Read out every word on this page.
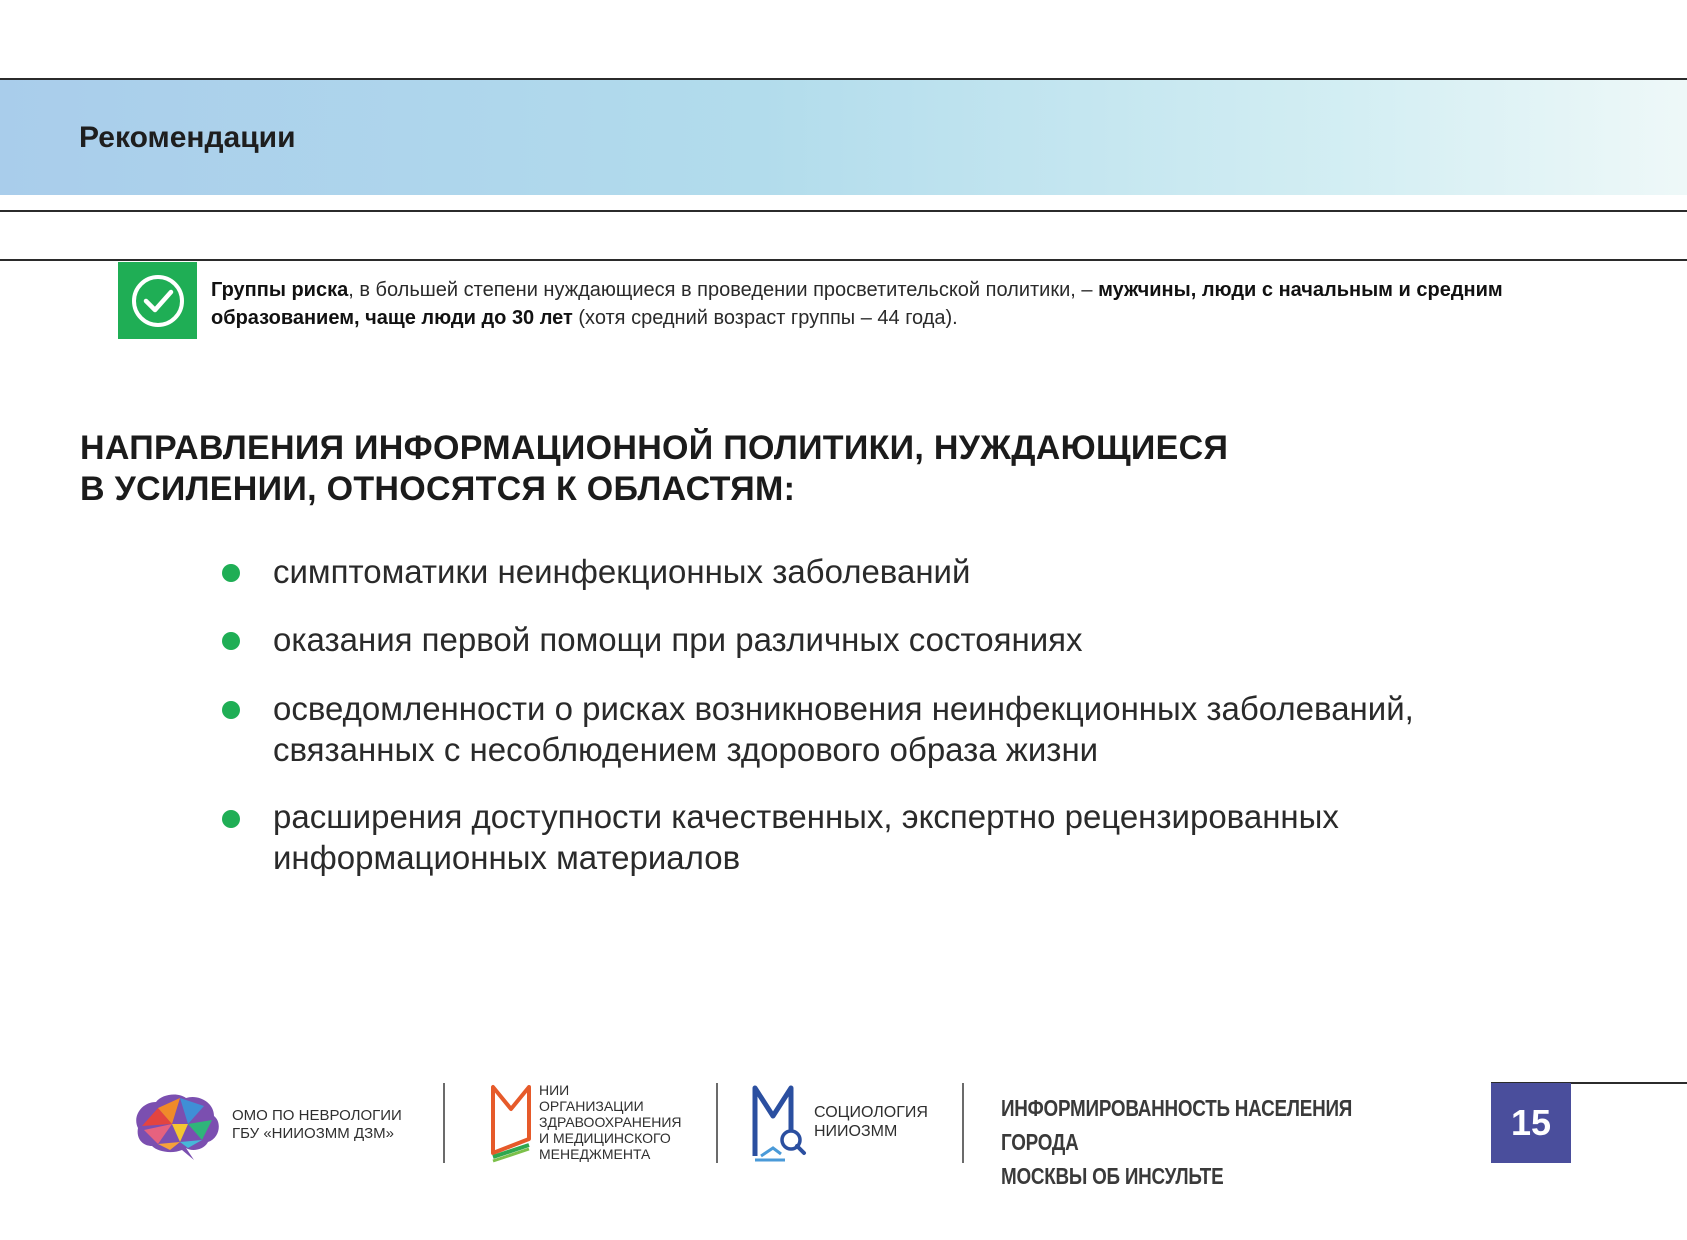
Рекомендации
Группы риска, в большей степени нуждающиеся в проведении просветительской политики, – мужчины, люди с начальным и средним образованием, чаще люди до 30 лет (хотя средний возраст группы – 44 года).
НАПРАВЛЕНИЯ ИНФОРМАЦИОННОЙ ПОЛИТИКИ, НУЖДАЮЩИЕСЯ
В УСИЛЕНИИ, ОТНОСЯТСЯ К ОБЛАСТЯМ:
симптоматики неинфекционных заболеваний
оказания первой помощи при различных состояниях
осведомленности о рисках возникновения неинфекционных заболеваний,
связанных с несоблюдением здорового образа жизни
расширения доступности качественных, экспертно рецензированных
информационных материалов
ОМО ПО НЕВРОЛОГИИ
ГБУ «НИИОЗММ ДЗМ»
НИИ
ОРГАНИЗАЦИИ
ЗДРАВООХРАНЕНИЯ
И МЕДИЦИНСКОГО
МЕНЕДЖМЕНТА
СОЦИОЛОГИЯ
НИИОЗММ
ИНФОРМИРОВАННОСТЬ НАСЕЛЕНИЯ ГОРОДА
МОСКВЫ ОБ ИНСУЛЬТЕ
15
